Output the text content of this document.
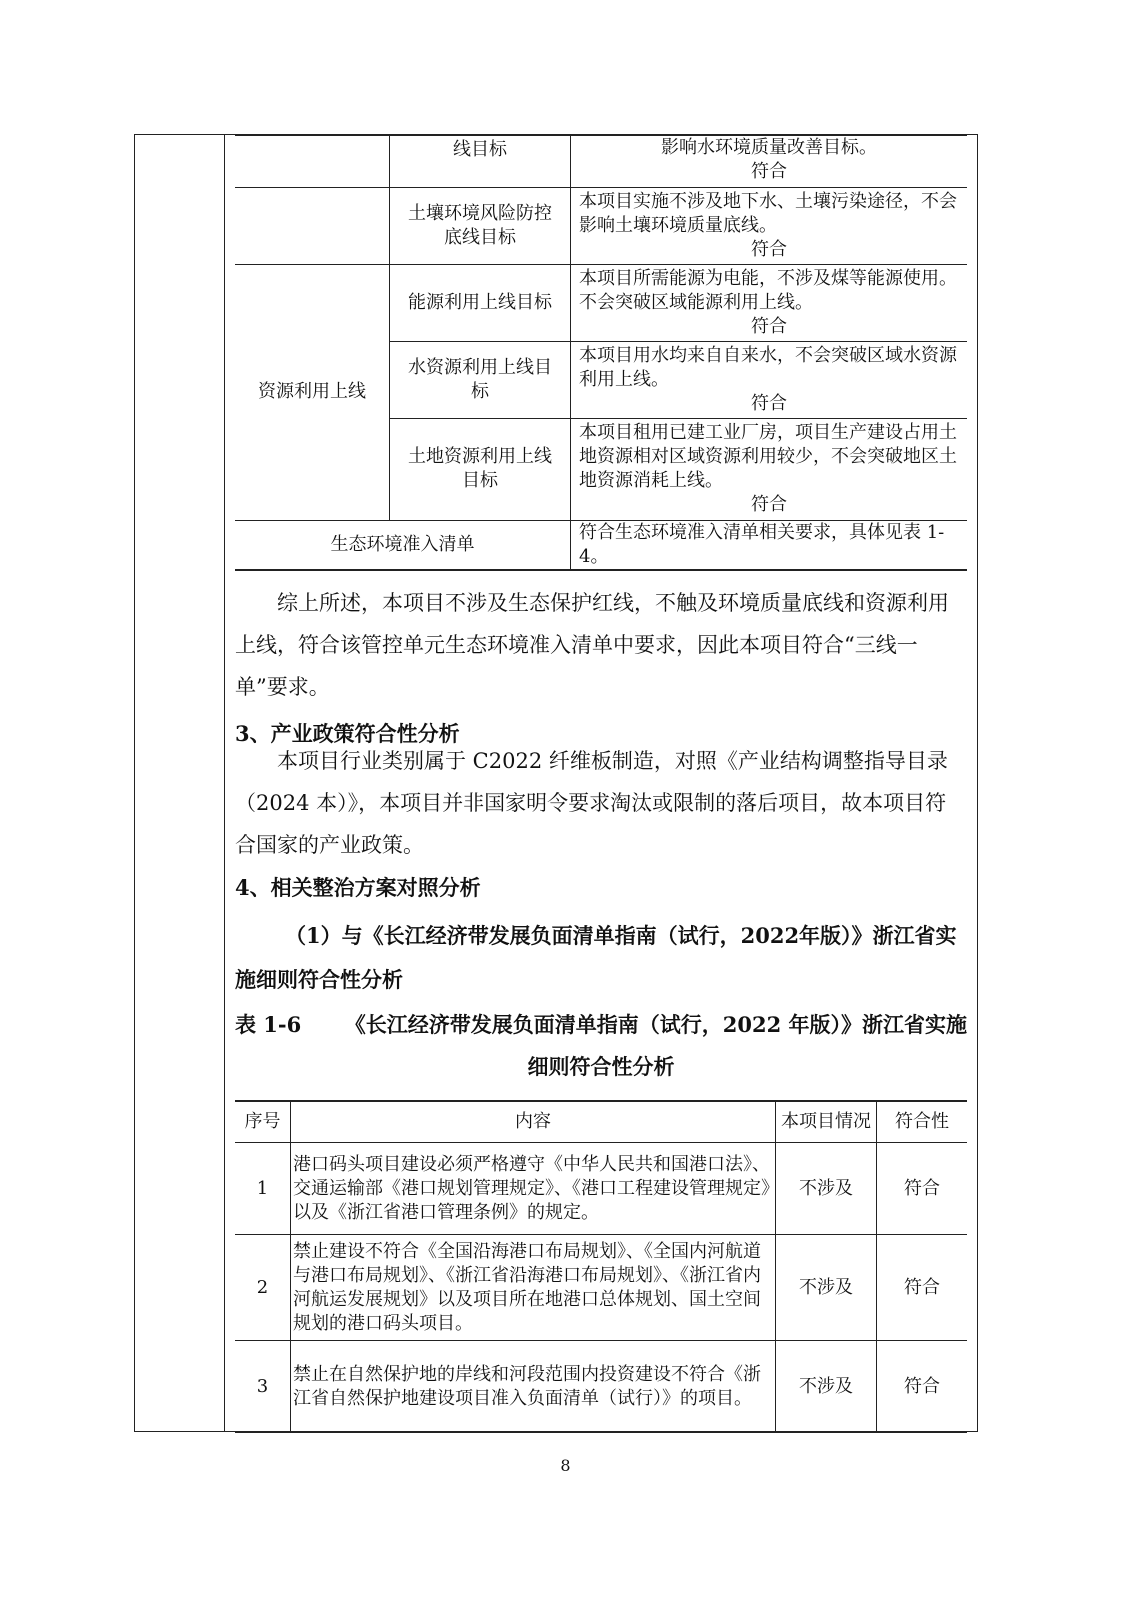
	线目标	影响水环境质量改善目标。
符合

	土壤环境风险防控底线目标	本项目实施不涉及地下水、土壤污染途径，不会影响土壤环境质量底线。
符合

资源利用上线	能源利用上线目标	本项目所需能源为电能，不涉及煤等能源使用。不会突破区域能源利用上线。
符合

	水资源利用上线目标	本项目用水均来自自来水，不会突破区域水资源利用上线。
符合

	土地资源利用上线目标	本项目租用已建工业厂房，项目生产建设占用土地资源相对区域资源利用较少，不会突破地区土地资源消耗上线。
符合

生态环境准入清单		符合生态环境准入清单相关要求，具体见表 1-4。
综上所述，本项目不涉及生态保护红线，不触及环境质量底线和资源利用上线，符合该管控单元生态环境准入清单中要求，因此本项目符合“三线一单”要求。
3、产业政策符合性分析
本项目行业类别属于 C2022 纤维板制造，对照《产业结构调整指导目录（2024 本）》，本项目并非国家明令要求淘汰或限制的落后项目，故本项目符合国家的产业政策。
4、相关整治方案对照分析
（1）与《长江经济带发展负面清单指南（试行，2022年版）》浙江省实施细则符合性分析
表 1-6 《长江经济带发展负面清单指南（试行，2022 年版）》浙江省实施
细则符合性分析
序号	内容	本项目情况	符合性
1	港口码头项目建设必须严格遵守《中华人民共和国港口法》、交通运输部《港口规划管理规定》、《港口工程建设管理规定》以及《浙江省港口管理条例》的规定。	不涉及	符合
2	禁止建设不符合《全国沿海港口布局规划》、《全国内河航道与港口布局规划》、《浙江省沿海港口布局规划》、《浙江省内河航运发展规划》以及项目所在地港口总体规划、国土空间规划的港口码头项目。	不涉及	符合
3	禁止在自然保护地的岸线和河段范围内投资建设不符合《浙江省自然保护地建设项目准入负面清单（试行）》的项目。	不涉及	符合
8
